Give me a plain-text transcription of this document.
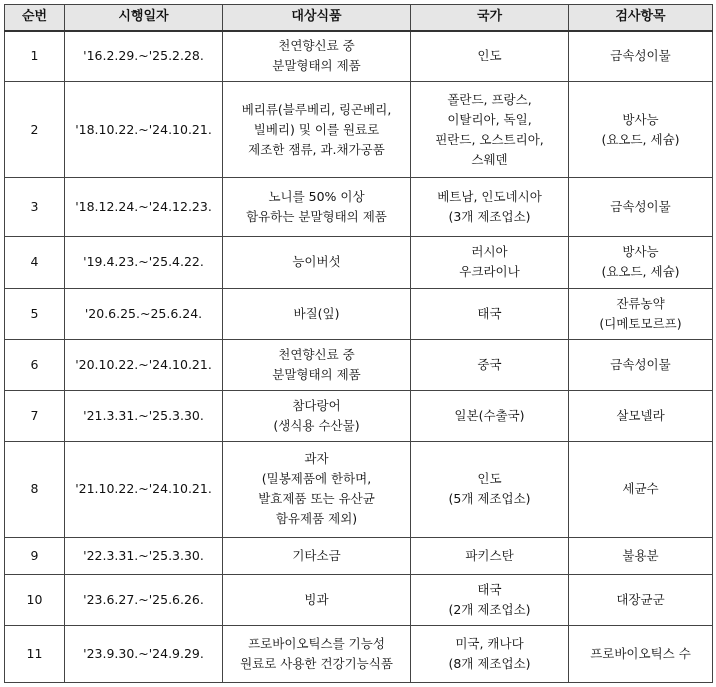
순번	시행일자	대상식품	국가	검사항목
1	'16.2.29.~'25.2.28.	천연향신료 중
분말형태의 제품	인도	금속성이물
2	'18.10.22.~'24.10.21.	베리류(블루베리, 링곤베리,
빌베리) 및 이를 원료로
제조한 잼류, 과.채가공품	폴란드, 프랑스,
이탈리아, 독일,
핀란드, 오스트리아,
스웨덴	방사능
(요오드, 세슘)
3	'18.12.24.~'24.12.23.	노니를 50% 이상
함유하는 분말형태의 제품	베트남, 인도네시아
(3개 제조업소)	금속성이물
4	'19.4.23.~'25.4.22.	능이버섯	러시아
우크라이나	방사능
(요오드, 세슘)
5	'20.6.25.~25.6.24.	바질(잎)	태국	잔류농약
(디메토모르프)
6	'20.10.22.~'24.10.21.	천연향신료 중
분말형태의 제품	중국	금속성이물
7	'21.3.31.~'25.3.30.	참다랑어
(생식용 수산물)	일본(수출국)	살모넬라
8	'21.10.22.~'24.10.21.	과자
(밀봉제품에 한하며,
발효제품 또는 유산균
함유제품 제외)	인도
(5개 제조업소)	세균수
9	'22.3.31.~'25.3.30.	기타소금	파키스탄	불용분
10	'23.6.27.~'25.6.26.	빙과	태국
(2개 제조업소)	대장균군
11	'23.9.30.~'24.9.29.	프로바이오틱스를 기능성
원료로 사용한 건강기능식품	미국, 캐나다
(8개 제조업소)	프로바이오틱스 수
